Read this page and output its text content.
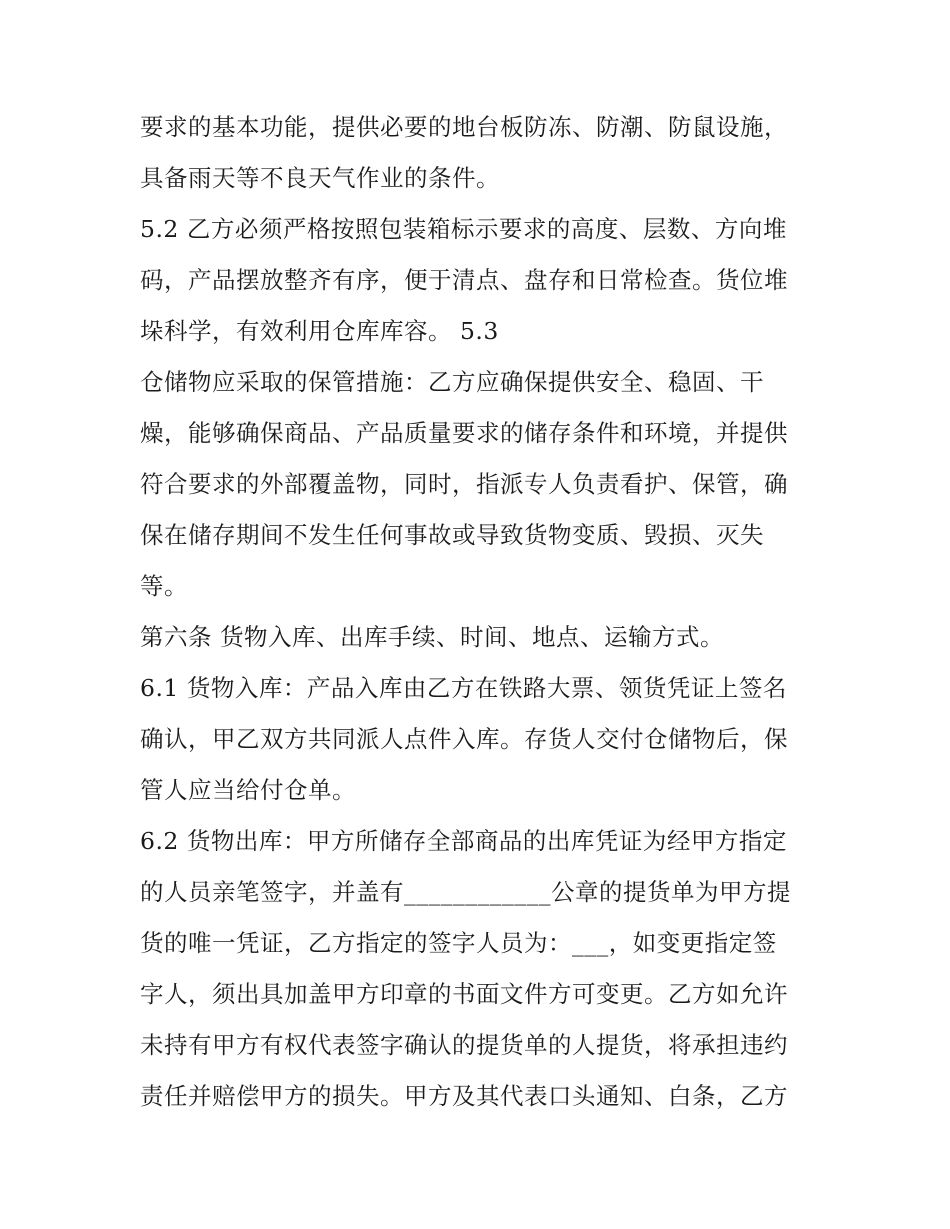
要求的基本功能，提供必要的地台板防冻、防潮、防鼠设施，
具备雨天等不良天气作业的条件。
5.2 乙方必须严格按照包装箱标示要求的高度、层数、方向堆
码，产品摆放整齐有序，便于清点、盘存和日常检查。货位堆
垛科学，有效利用仓库库容。 5.3
仓储物应采取的保管措施：乙方应确保提供安全、稳固、干
燥，能够确保商品、产品质量要求的储存条件和环境，并提供
符合要求的外部覆盖物，同时，指派专人负责看护、保管，确
保在储存期间不发生任何事故或导致货物变质、毁损、灭失
等。
第六条 货物入库、出库手续、时间、地点、运输方式。
6.1 货物入库：产品入库由乙方在铁路大票、领货凭证上签名
确认，甲乙双方共同派人点件入库。存货人交付仓储物后，保
管人应当给付仓单。
6.2 货物出库：甲方所储存全部商品的出库凭证为经甲方指定
的人员亲笔签字，并盖有____________公章的提货单为甲方提
货的唯一凭证，乙方指定的签字人员为：___，如变更指定签
字人，须出具加盖甲方印章的书面文件方可变更。乙方如允许
未持有甲方有权代表签字确认的提货单的人提货，将承担违约
责任并赔偿甲方的损失。甲方及其代表口头通知、白条，乙方
